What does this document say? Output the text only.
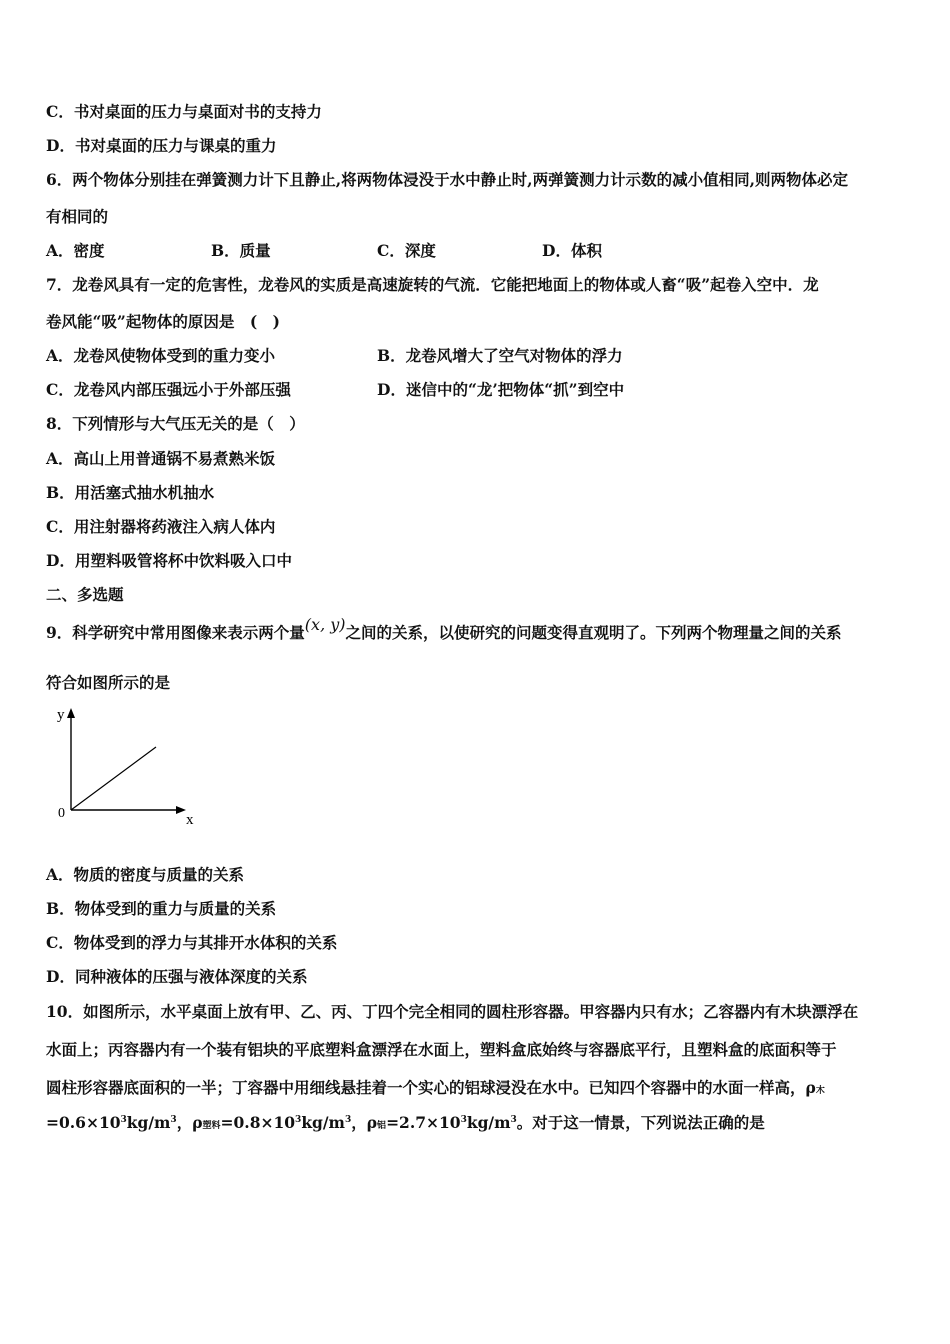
C．书对桌面的压力与桌面对书的支持力
D．书对桌面的压力与课桌的重力
6．两个物体分别挂在弹簧测力计下且静止,将两物体浸没于水中静止时,两弹簧测力计示数的减小值相同,则两物体必定
有相同的
A．密度	B．质量	C．深度	D．体积
7．龙卷风具有一定的危害性，龙卷风的实质是高速旋转的气流．它能把地面上的物体或人畜“吸”起卷入空中．龙
卷风能“吸”起物体的原因是　(　)
A．龙卷风使物体受到的重力变小	B．龙卷风增大了空气对物体的浮力
C．龙卷风内部压强远小于外部压强	D．迷信中的“龙’把物体“抓”到空中
8．下列情形与大气压无关的是（　）
A．高山上用普通锅不易煮熟米饭
B．用活塞式抽水机抽水
C．用注射器将药液注入病人体内
D．用塑料吸管将杯中饮料吸入口中
二、多选题
9．科学研究中常用图像来表示两个量(x, y)之间的关系，以使研究的问题变得直观明了。下列两个物理量之间的关系
符合如图所示的是
y
x
0
A．物质的密度与质量的关系
B．物体受到的重力与质量的关系
C．物体受到的浮力与其排开水体积的关系
D．同种液体的压强与液体深度的关系
10．如图所示，水平桌面上放有甲、乙、丙、丁四个完全相同的圆柱形容器。甲容器内只有水；乙容器内有木块漂浮在
水面上；丙容器内有一个装有铝块的平底塑料盒漂浮在水面上，塑料盒底始终与容器底平行，且塑料盒的底面积等于
圆柱形容器底面积的一半；丁容器中用细线悬挂着一个实心的铝球浸没在水中。已知四个容器中的水面一样高，ρ木
$=0.6\times 10^3kg/m^3$，ρ塑料$=0.8\times 10^3kg/m^3$，ρ铝$=2.7\times 10^3kg/m^3$。对于这一情景，下列说法正确的是
